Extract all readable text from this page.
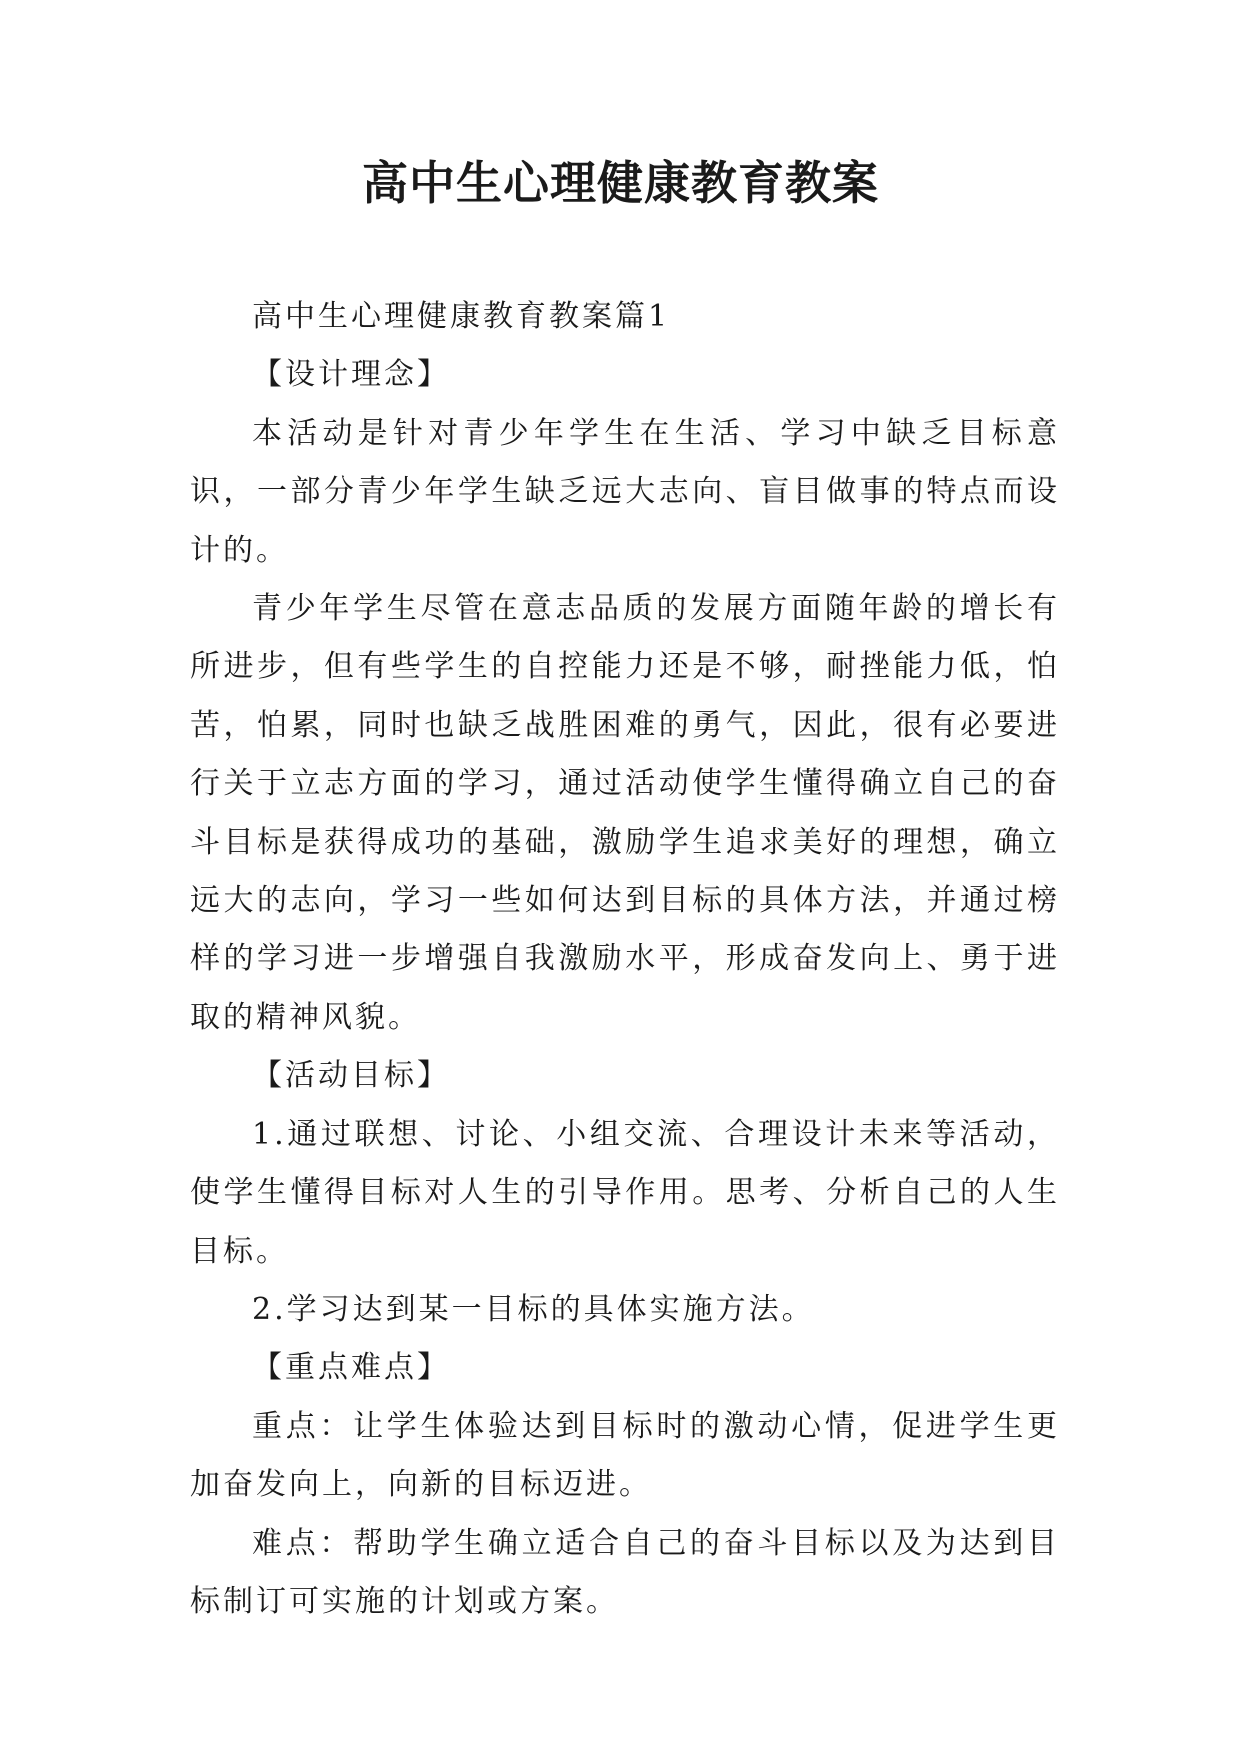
高中生心理健康教育教案

高中生心理健康教育教案篇1

【设计理念】

本活动是针对青少年学生在生活、学习中缺乏目标意识，一部分青少年学生缺乏远大志向、盲目做事的特点而设计的。

青少年学生尽管在意志品质的发展方面随年龄的增长有所进步，但有些学生的自控能力还是不够，耐挫能力低，怕苦，怕累，同时也缺乏战胜困难的勇气，因此，很有必要进行关于立志方面的学习，通过活动使学生懂得确立自己的奋斗目标是获得成功的基础，激励学生追求美好的理想，确立远大的志向，学习一些如何达到目标的具体方法，并通过榜样的学习进一步增强自我激励水平，形成奋发向上、勇于进取的精神风貌。

【活动目标】

1.通过联想、讨论、小组交流、合理设计未来等活动，使学生懂得目标对人生的引导作用。思考、分析自己的人生目标。

2.学习达到某一目标的具体实施方法。

【重点难点】

重点：让学生体验达到目标时的激动心情，促进学生更加奋发向上，向新的目标迈进。

难点：帮助学生确立适合自己的奋斗目标以及为达到目标制订可实施的计划或方案。
